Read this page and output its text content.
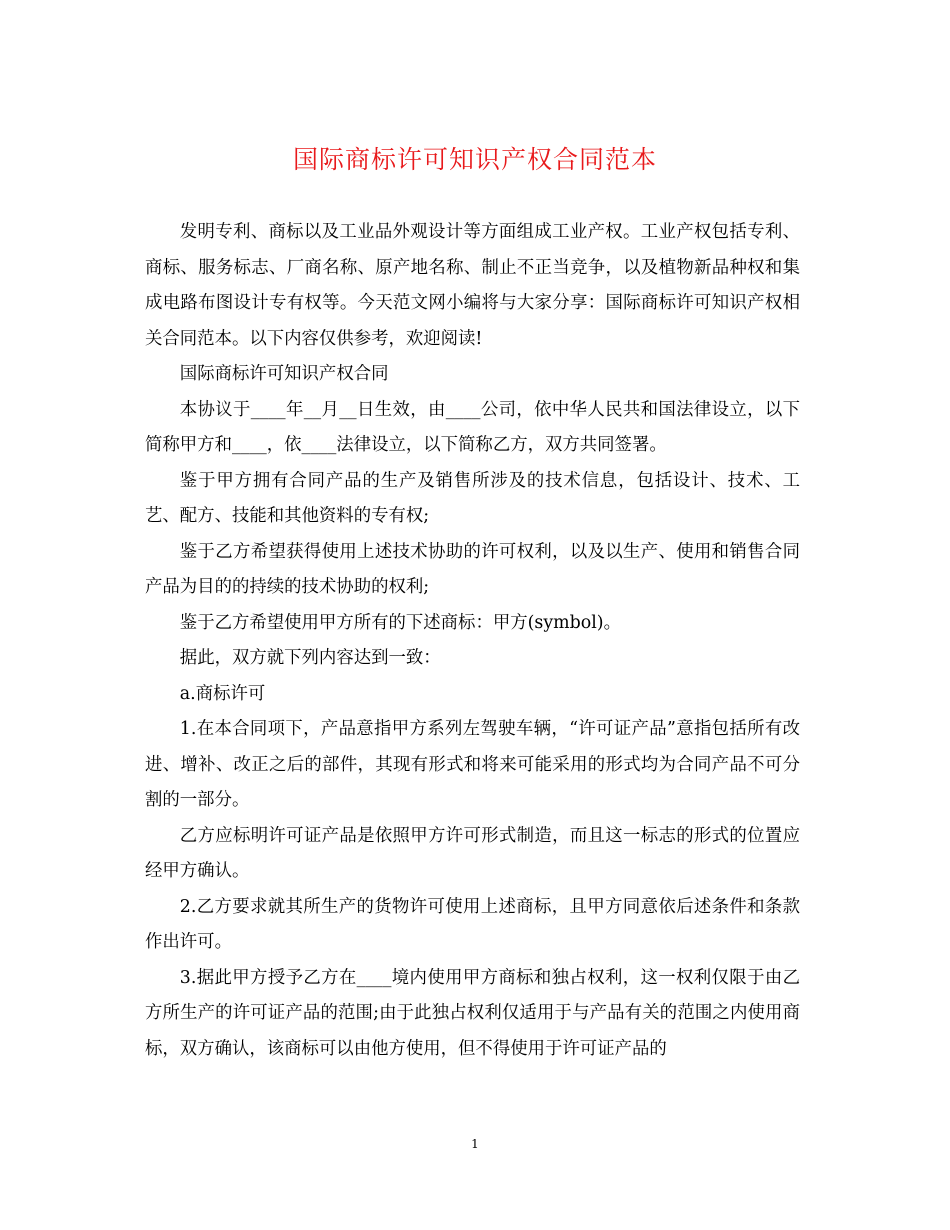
国际商标许可知识产权合同范本

发明专利、商标以及工业品外观设计等方面组成工业产权。工业产权包括专利、商标、服务标志、厂商名称、原产地名称、制止不正当竞争，以及植物新品种权和集成电路布图设计专有权等。今天范文网小编将与大家分享：国际商标许可知识产权相关合同范本。以下内容仅供参考，欢迎阅读!

国际商标许可知识产权合同

本协议于____年__月__日生效，由____公司，依中华人民共和国法律设立，以下简称甲方和____，依____法律设立，以下简称乙方，双方共同签署。

鉴于甲方拥有合同产品的生产及销售所涉及的技术信息，包括设计、技术、工艺、配方、技能和其他资料的专有权;

鉴于乙方希望获得使用上述技术协助的许可权利，以及以生产、使用和销售合同产品为目的的持续的技术协助的权利;

鉴于乙方希望使用甲方所有的下述商标：甲方(symbol)。

据此，双方就下列内容达到一致：

a.商标许可

1.在本合同项下，产品意指甲方系列左驾驶车辆，“许可证产品”意指包括所有改进、增补、改正之后的部件，其现有形式和将来可能采用的形式均为合同产品不可分割的一部分。

乙方应标明许可证产品是依照甲方许可形式制造，而且这一标志的形式的位置应经甲方确认。

2.乙方要求就其所生产的货物许可使用上述商标，且甲方同意依后述条件和条款作出许可。

3.据此甲方授予乙方在____境内使用甲方商标和独占权利，这一权利仅限于由乙方所生产的许可证产品的范围;由于此独占权利仅适用于与产品有关的范围之内使用商标，双方确认，该商标可以由他方使用，但不得使用于许可证产品的

1
